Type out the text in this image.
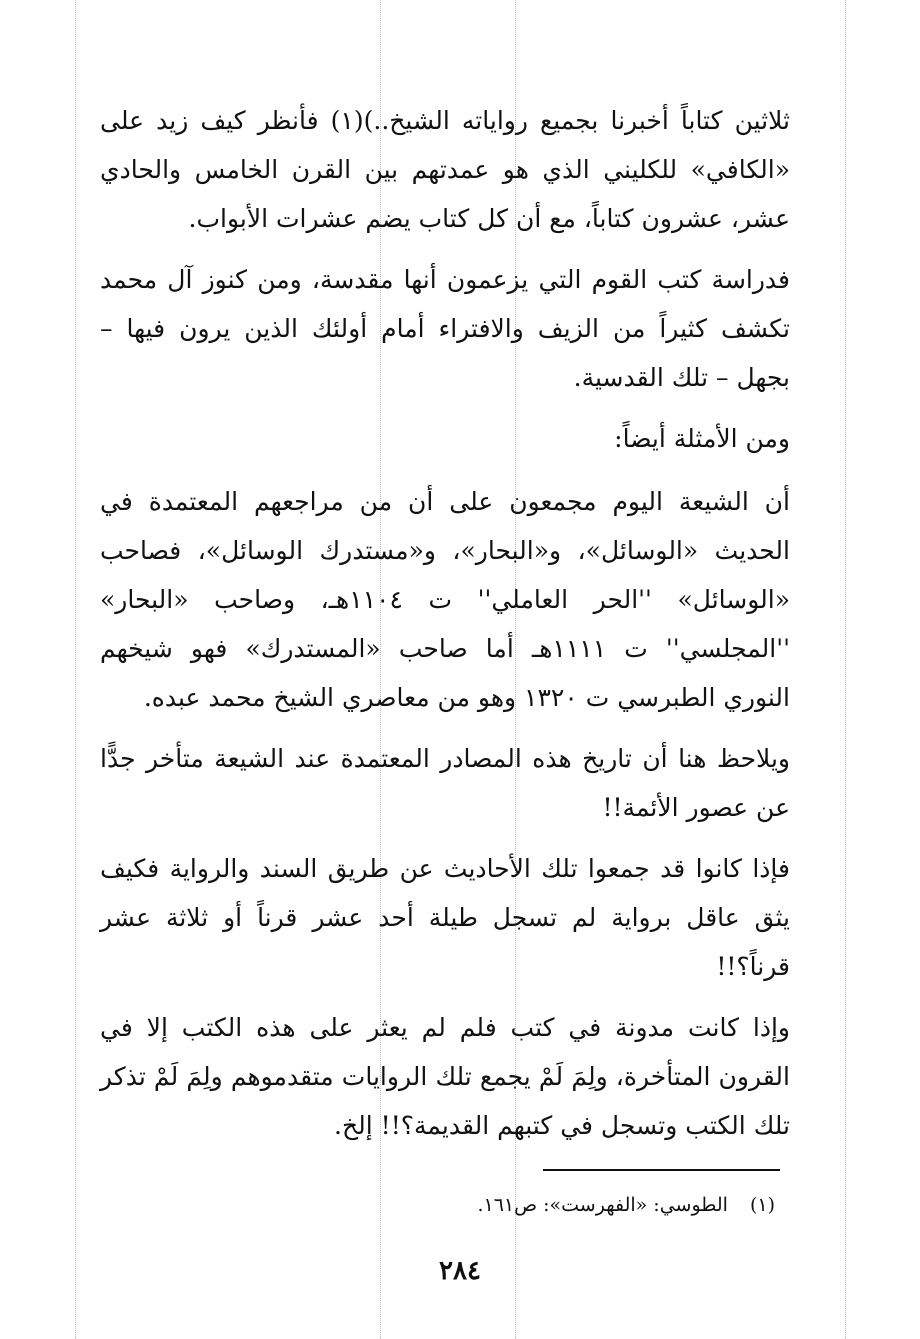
ثلاثين كتاباً أخبرنا بجميع رواياته الشيخ..)(١) فأنظر كيف زيد على «الكافي» للكليني الذي هو عمدتهم بين القرن الخامس والحادي عشر، عشرون كتاباً، مع أن كل كتاب يضم عشرات الأبواب.

فدراسة كتب القوم التي يزعمون أنها مقدسة، ومن كنوز آل محمد تكشف كثيراً من الزيف والافتراء أمام أولئك الذين يرون فيها – بجهل – تلك القدسية.

ومن الأمثلة أيضاً:

أن الشيعة اليوم مجمعون على أن من مراجعهم المعتمدة في الحديث «الوسائل»، و«البحار»، و«مستدرك الوسائل»، فصاحب «الوسائل» ''الحر العاملي'' ت ١١٠٤هـ، وصاحب «البحار» ''المجلسي'' ت ١١١١هـ أما صاحب «المستدرك» فهو شيخهم النوري الطبرسي ت ١٣٢٠ وهو من معاصري الشيخ محمد عبده.

ويلاحظ هنا أن تاريخ هذه المصادر المعتمدة عند الشيعة متأخر جدًّا عن عصور الأئمة!!

فإذا كانوا قد جمعوا تلك الأحاديث عن طريق السند والرواية فكيف يثق عاقل برواية لم تسجل طيلة أحد عشر قرناً أو ثلاثة عشر قرناً؟!!

وإذا كانت مدونة في كتب فلم لم يعثر على هذه الكتب إلا في القرون المتأخرة، ولِمَ لَمْ يجمع تلك الروايات متقدموهم ولِمَ لَمْ تذكر تلك الكتب وتسجل في كتبهم القديمة؟!! إلخ.

(١)الطوسي: «الفهرست»: ص١٦١.
٢٨٤
